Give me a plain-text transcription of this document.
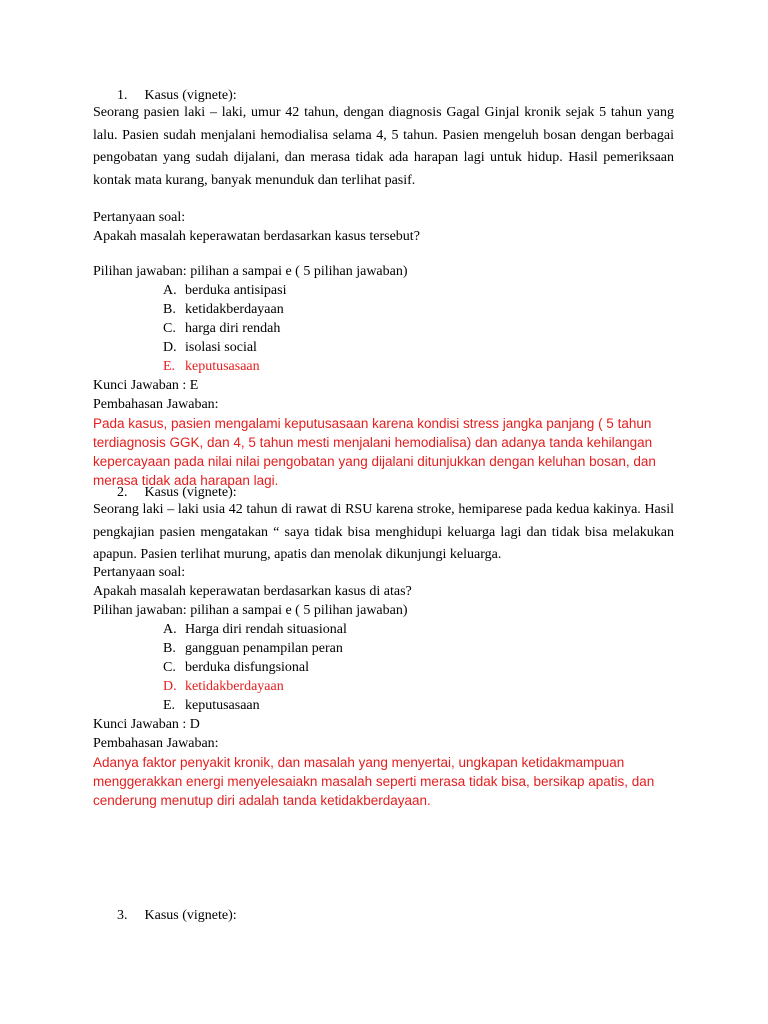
1. Kasus (vignete):
Seorang pasien laki – laki, umur 42 tahun, dengan diagnosis Gagal Ginjal kronik sejak 5 tahun yang lalu. Pasien sudah menjalani hemodialisa selama 4, 5 tahun. Pasien mengeluh bosan dengan berbagai pengobatan yang sudah dijalani, dan merasa tidak ada harapan lagi untuk hidup. Hasil pemeriksaan kontak mata kurang, banyak menunduk dan terlihat pasif.
Pertanyaan soal:
Apakah masalah keperawatan berdasarkan kasus tersebut?
Pilihan jawaban: pilihan a sampai e ( 5 pilihan jawaban)
A. berduka antisipasi
B. ketidakberdayaan
C. harga diri rendah
D. isolasi social
E. keputusasaan
Kunci Jawaban : E
Pembahasan Jawaban:
Pada kasus, pasien mengalami keputusasaan karena kondisi stress jangka panjang ( 5 tahun
terdiagnosis GGK, dan 4, 5 tahun mesti menjalani hemodialisa) dan adanya tanda kehilangan
kepercayaan pada nilai nilai pengobatan yang dijalani ditunjukkan dengan keluhan bosan, dan
merasa tidak ada harapan lagi.
2. Kasus (vignete):
Seorang laki – laki usia 42 tahun di rawat di RSU karena stroke, hemiparese pada kedua kakinya. Hasil pengkajian pasien mengatakan “ saya tidak bisa menghidupi keluarga lagi dan tidak bisa melakukan apapun. Pasien terlihat murung, apatis dan menolak dikunjungi keluarga.
Pertanyaan soal:
Apakah masalah keperawatan berdasarkan kasus di atas?
Pilihan jawaban: pilihan a sampai e ( 5 pilihan jawaban)
A. Harga diri rendah situasional
B. gangguan penampilan peran
C. berduka disfungsional
D. ketidakberdayaan
E. keputusasaan
Kunci Jawaban : D
Pembahasan Jawaban:
Adanya faktor penyakit kronik, dan masalah yang menyertai, ungkapan ketidakmampuan
menggerakkan energi menyelesaiakn masalah seperti merasa tidak bisa, bersikap apatis, dan
cenderung menutup diri adalah tanda ketidakberdayaan.
3. Kasus (vignete):
